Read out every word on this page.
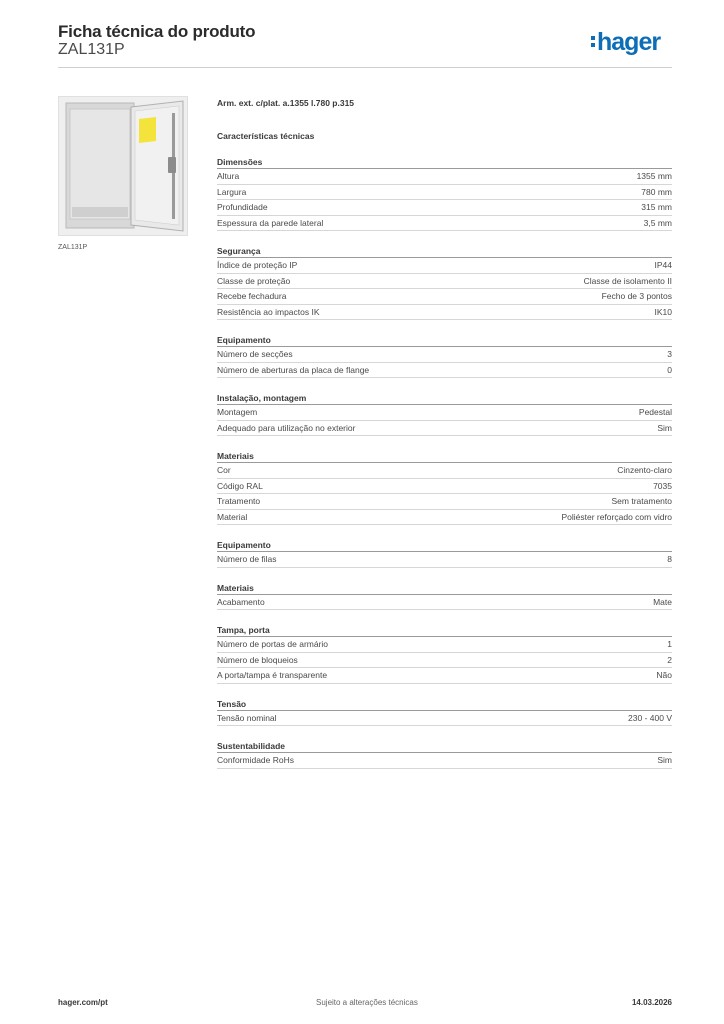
Ficha técnica do produto
ZAL131P	hager
ZAL131P
Arm. ext. c/plat. a.1355 l.780 p.315
Características técnicas
Dimensões
Altura	1355 mm
Largura	780 mm
Profundidade	315 mm
Espessura da parede lateral	3,5 mm
Segurança
Índice de proteção IP	IP44
Classe de proteção	Classe de isolamento II
Recebe fechadura	Fecho de 3 pontos
Resistência ao impactos IK	IK10
Equipamento
Número de secções	3
Número de aberturas da placa de flange	0
Instalação, montagem
Montagem	Pedestal
Adequado para utilização no exterior	Sim
Materiais
Cor	Cinzento-claro
Código RAL	7035
Tratamento	Sem tratamento
Material	Poliéster reforçado com vidro
Equipamento
Número de filas	8
Materiais
Acabamento	Mate
Tampa, porta
Número de portas de armário	1
Número de bloqueios	2
A porta/tampa é transparente	Não
Tensão
Tensão nominal	230 - 400 V
Sustentabilidade
Conformidade RoHs	Sim
hager.com/pt	Sujeito a alterações técnicas	14.03.2026
